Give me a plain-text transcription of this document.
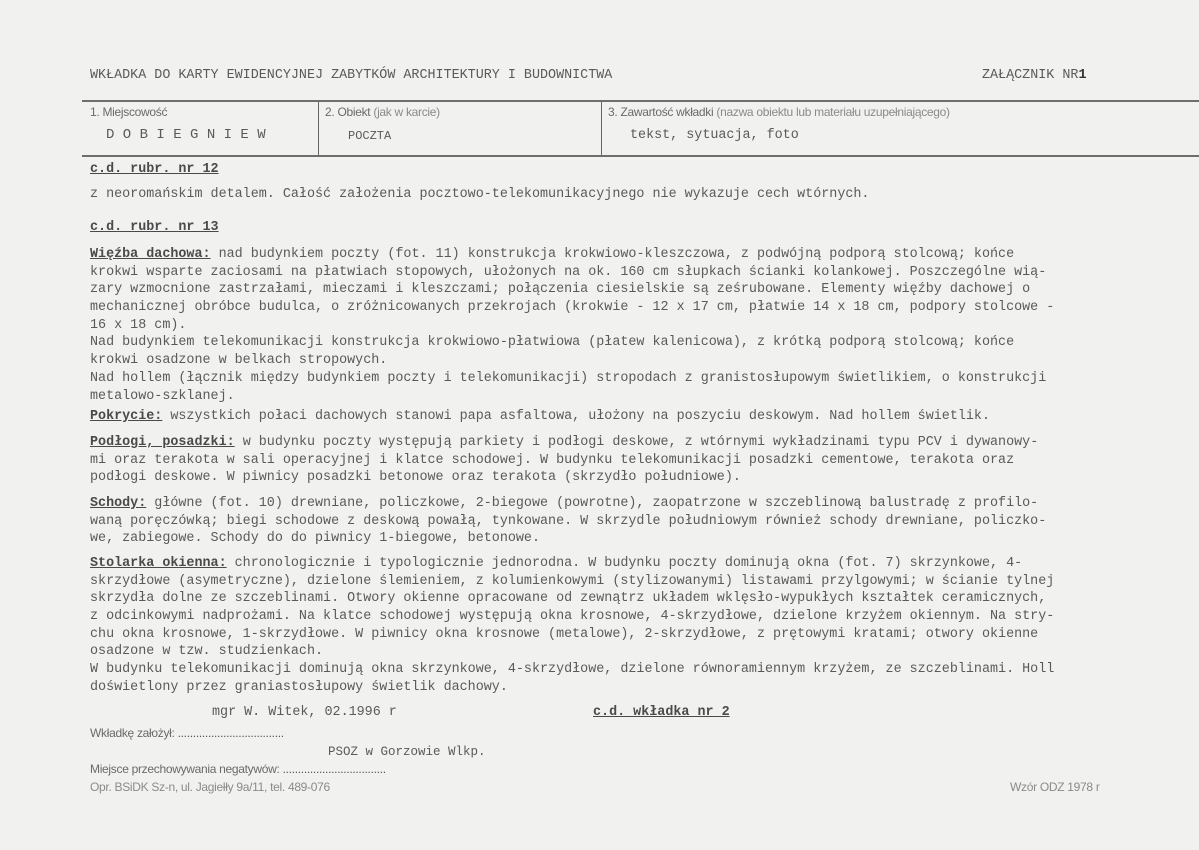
WKŁADKA DO KARTY EWIDENCYJNEJ ZABYTKÓW ARCHITEKTURY I BUDOWNICTWA	ZAŁĄCZNIK NR1
1. Miejscowość
D O B I E G N I E W
2. Obiekt (jak w karcie)
POCZTA
3. Zawartość wkładki (nazwa obiektu lub materiału uzupełniającego)
tekst, sytuacja, foto
c.d. rubr. nr 12
z neoromańskim detalem. Całość założenia pocztowo-telekomunikacyjnego nie wykazuje cech wtórnych.
c.d. rubr. nr 13
Więźba dachowa: nad budynkiem poczty (fot. 11) konstrukcja krokwiowo-kleszczowa, z podwójną podporą stolcową; końce
krokwi wsparte zaciosami na płatwiach stopowych, ułożonych na ok. 160 cm słupkach ścianki kolankowej. Poszczególne wią-
zary wzmocnione zastrzałami, mieczami i kleszczami; połączenia ciesielskie są ześrubowane. Elementy więźby dachowej o
mechanicznej obróbce budulca, o zróżnicowanych przekrojach (krokwie - 12 x 17 cm, płatwie 14 x 18 cm, podpory stolcowe -
16 x 18 cm).
Nad budynkiem telekomunikacji konstrukcja krokwiowo-płatwiowa (płatew kalenicowa), z krótką podporą stolcową; końce
krokwi osadzone w belkach stropowych.
Nad hollem (łącznik między budynkiem poczty i telekomunikacji) stropodach z granistosłupowym świetlikiem, o konstrukcji
metalowo-szklanej.
Pokrycie: wszystkich połaci dachowych stanowi papa asfaltowa, ułożony na poszyciu deskowym. Nad hollem świetlik.
Podłogi, posadzki: w budynku poczty występują parkiety i podłogi deskowe, z wtórnymi wykładzinami typu PCV i dywanowy-
mi oraz terakota w sali operacyjnej i klatce schodowej. W budynku telekomunikacji posadzki cementowe, terakota oraz
podłogi deskowe. W piwnicy posadzki betonowe oraz terakota (skrzydło południowe).
Schody: główne (fot. 10) drewniane, policzkowe, 2-biegowe (powrotne), zaopatrzone w szczeblinową balustradę z profilo-
waną poręczówką; biegi schodowe z deskową powałą, tynkowane. W skrzydle południowym również schody drewniane, policzko-
we, zabiegowe. Schody do do piwnicy 1-biegowe, betonowe.
Stolarka okienna: chronologicznie i typologicznie jednorodna. W budynku poczty dominują okna (fot. 7) skrzynkowe, 4-
skrzydłowe (asymetryczne), dzielone ślemieniem, z kolumienkowymi (stylizowanymi) listawami przylgowymi; w ścianie tylnej
skrzydła dolne ze szczeblinami. Otwory okienne opracowane od zewnątrz układem wklęsło-wypukłych kształtek ceramicznych,
z odcinkowymi nadprożami. Na klatce schodowej występują okna krosnowe, 4-skrzydłowe, dzielone krzyżem okiennym. Na stry-
chu okna krosnowe, 1-skrzydłowe. W piwnicy okna krosnowe (metalowe), 2-skrzydłowe, z prętowymi kratami; otwory okienne
osadzone w tzw. studzienkach.
W budynku telekomunikacji dominują okna skrzynkowe, 4-skrzydłowe, dzielone równoramiennym krzyżem, ze szczeblinami. Holl
doświetlony przez graniastosłupowy świetlik dachowy.
mgr W. Witek, 02.1996 r	c.d. wkładka nr 2
Wkładkę założył: ...................................
PSOZ w Gorzowie Wlkp.
Miejsce przechowywania negatywów: ..................................
Opr. BSiDK Sz-n, ul. Jagiełły 9a/11, tel. 489-076	Wzór ODZ 1978 r
